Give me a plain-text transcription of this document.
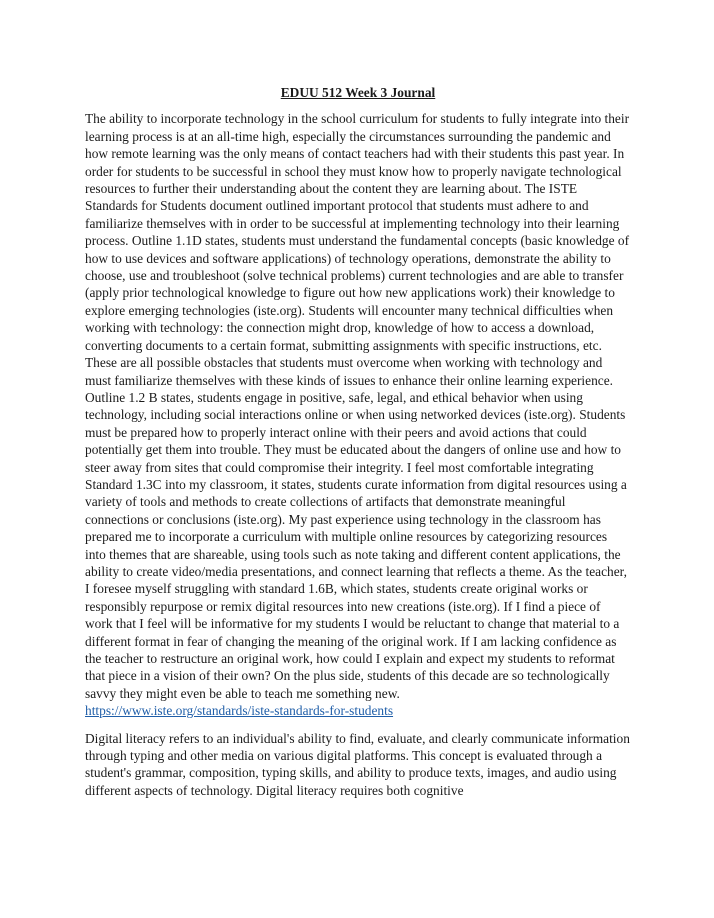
EDUU 512 Week 3 Journal

The ability to incorporate technology in the school curriculum for students to fully integrate into their learning process is at an all-time high, especially the circumstances surrounding the pandemic and how remote learning was the only means of contact teachers had with their students this past year. In order for students to be successful in school they must know how to properly navigate technological resources to further their understanding about the content they are learning about. The ISTE Standards for Students document outlined important protocol that students must adhere to and familiarize themselves with in order to be successful at implementing technology into their learning process. Outline 1.1D states, students must understand the fundamental concepts (basic knowledge of how to use devices and software applications) of technology operations, demonstrate the ability to choose, use and troubleshoot (solve technical problems) current technologies and are able to transfer (apply prior technological knowledge to figure out how new applications work) their knowledge to explore emerging technologies (iste.org). Students will encounter many technical difficulties when working with technology: the connection might drop, knowledge of how to access a download, converting documents to a certain format, submitting assignments with specific instructions, etc. These are all possible obstacles that students must overcome when working with technology and must familiarize themselves with these kinds of issues to enhance their online learning experience. Outline 1.2 B states, students engage in positive, safe, legal, and ethical behavior when using technology, including social interactions online or when using networked devices (iste.org). Students must be prepared how to properly interact online with their peers and avoid actions that could potentially get them into trouble. They must be educated about the dangers of online use and how to steer away from sites that could compromise their integrity. I feel most comfortable integrating Standard 1.3C into my classroom, it states, students curate information from digital resources using a variety of tools and methods to create collections of artifacts that demonstrate meaningful connections or conclusions (iste.org). My past experience using technology in the classroom has prepared me to incorporate a curriculum with multiple online resources by categorizing resources into themes that are shareable, using tools such as note taking and different content applications, the ability to create video/media presentations, and connect learning that reflects a theme. As the teacher, I foresee myself struggling with standard 1.6B, which states, students create original works or responsibly repurpose or remix digital resources into new creations (iste.org). If I find a piece of work that I feel will be informative for my students I would be reluctant to change that material to a different format in fear of changing the meaning of the original work. If I am lacking confidence as the teacher to restructure an original work, how could I explain and expect my students to reformat that piece in a vision of their own? On the plus side, students of this decade are so technologically savvy they might even be able to teach me something new.

https://www.iste.org/standards/iste-standards-for-students

Digital literacy refers to an individual's ability to find, evaluate, and clearly communicate information through typing and other media on various digital platforms. This concept is evaluated through a student's grammar, composition, typing skills, and ability to produce texts, images, and audio using different aspects of technology. Digital literacy requires both cognitive
